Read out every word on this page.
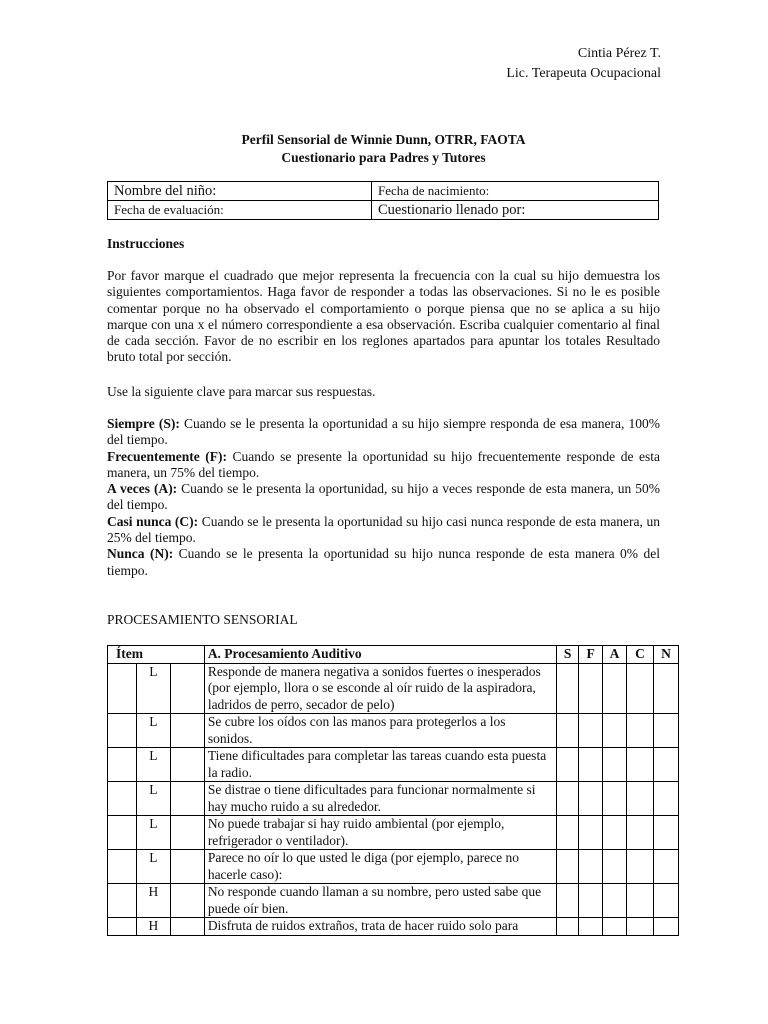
Cintia Pérez T.
Lic. Terapeuta Ocupacional
Perfil Sensorial de Winnie Dunn, OTRR, FAOTA
Cuestionario para Padres y Tutores
Nombre del niño:	Fecha de nacimiento:
Fecha de evaluación:	Cuestionario llenado por:
Instrucciones
Por favor marque el cuadrado que mejor representa la frecuencia con la cual su hijo demuestra los siguientes comportamientos. Haga favor de responder a todas las observaciones. Si no le es posible comentar porque no ha observado el comportamiento o porque piensa que no se aplica a su hijo marque con una x el número correspondiente a esa observación. Escriba cualquier comentario al final de cada sección. Favor de no escribir en los reglones apartados para apuntar los totales Resultado bruto total por sección.
Use la siguiente clave para marcar sus respuestas.
Siempre (S): Cuando se le presenta la oportunidad a su hijo siempre responda de esa manera, 100% del tiempo.
Frecuentemente (F): Cuando se presente la oportunidad su hijo frecuentemente responde de esta manera, un 75% del tiempo.
A veces (A): Cuando se le presenta la oportunidad, su hijo a veces responde de esta manera, un 50% del tiempo.
Casi nunca (C): Cuando se le presenta la oportunidad su hijo casi nunca responde de esta manera, un 25% del tiempo.
Nunca (N): Cuando se le presenta la oportunidad su hijo nunca responde de esta manera 0% del tiempo.
PROCESAMIENTO SENSORIAL
Ítem			A. Procesamiento Auditivo	S	F	A	C	N
	L		Responde de manera negativa a sonidos fuertes o inesperados (por ejemplo, llora o se esconde al oír ruido de la aspiradora, ladridos de perro, secador de pelo)					
	L		Se cubre los oídos con las manos para protegerlos a los sonidos.					
	L		Tiene dificultades para completar las tareas cuando esta puesta la radio.					
	L		Se distrae o tiene dificultades para funcionar normalmente si hay mucho ruido a su alrededor.					
	L		No puede trabajar si hay ruido ambiental (por ejemplo, refrigerador o ventilador).					
	L		Parece no oír lo que usted le diga (por ejemplo, parece no hacerle caso):					
	H		No responde cuando llaman a su nombre, pero usted sabe que puede oír bien.					
	H		Disfruta de ruidos extraños, trata de hacer ruido solo para					
